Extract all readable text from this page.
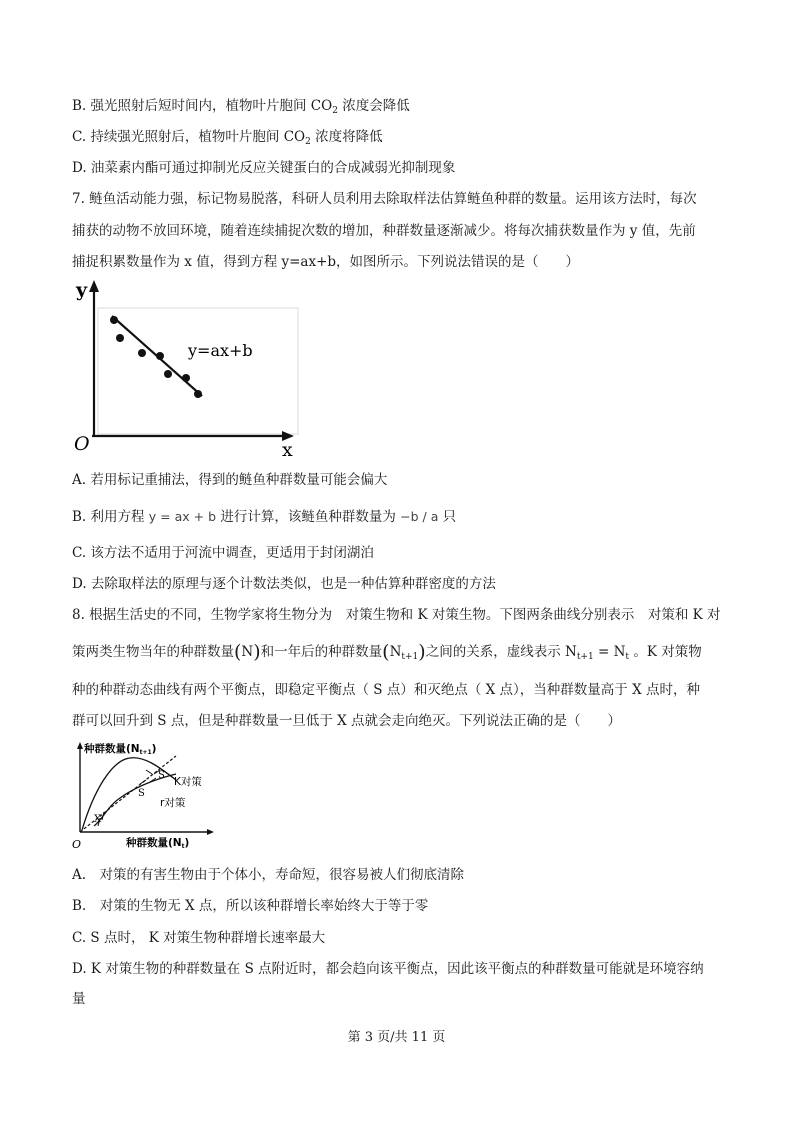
B. 强光照射后短时间内，植物叶片胞间 $CO_2$ 浓度会降低
C. 持续强光照射后，植物叶片胞间 $CO_2$ 浓度将降低
D. 油菜素内酯可通过抑制光反应关键蛋白的合成减弱光抑制现象
7. 鲢鱼活动能力强，标记物易脱落，科研人员利用去除取样法估算鲢鱼种群的数量。运用该方法时，每次
捕获的动物不放回环境，随着连续捕捉次数的增加，种群数量逐渐减少。将每次捕获数量作为 y 值，先前
捕捉积累数量作为 x 值，得到方程 y=ax+b，如图所示。下列说法错误的是（　　）
y
x
O
y=ax+b
A. 若用标记重捕法，得到的鲢鱼种群数量可能会偏大
B. 利用方程 y = ax + b 进行计算，该鲢鱼种群数量为 −b / a 只
C. 该方法不适用于河流中调查，更适用于封闭湖泊
D. 去除取样法的原理与逐个计数法类似，也是一种估算种群密度的方法
8. 根据生活史的不同，生物学家将生物分为　对策生物和 K 对策生物。下图两条曲线分别表示　对策和 K 对
策两类生物当年的种群数量(N)和一年后的种群数量$(N_{t+1})$之间的关系，虚线表示 $N_{t+1} = N_t$ 。K 对策物
种的种群动态曲线有两个平衡点，即稳定平衡点（ S 点）和灭绝点（ X 点），当种群数量高于 X 点时，种
群可以回升到 S 点，但是种群数量一旦低于 X 点就会走向绝灭。下列说法正确的是（　　）
种群数量(Nt+1)
种群数量(Nt)
O
X
S
S
K对策
r对策
A.　对策的有害生物由于个体小，寿命短，很容易被人们彻底清除
B.　对策的生物无 X 点，所以该种群增长率始终大于等于零
C. S 点时， K 对策生物种群增长速率最大
D. K 对策生物的种群数量在 S 点附近时，都会趋向该平衡点，因此该平衡点的种群数量可能就是环境容纳
量
第 3 页/共 11 页
